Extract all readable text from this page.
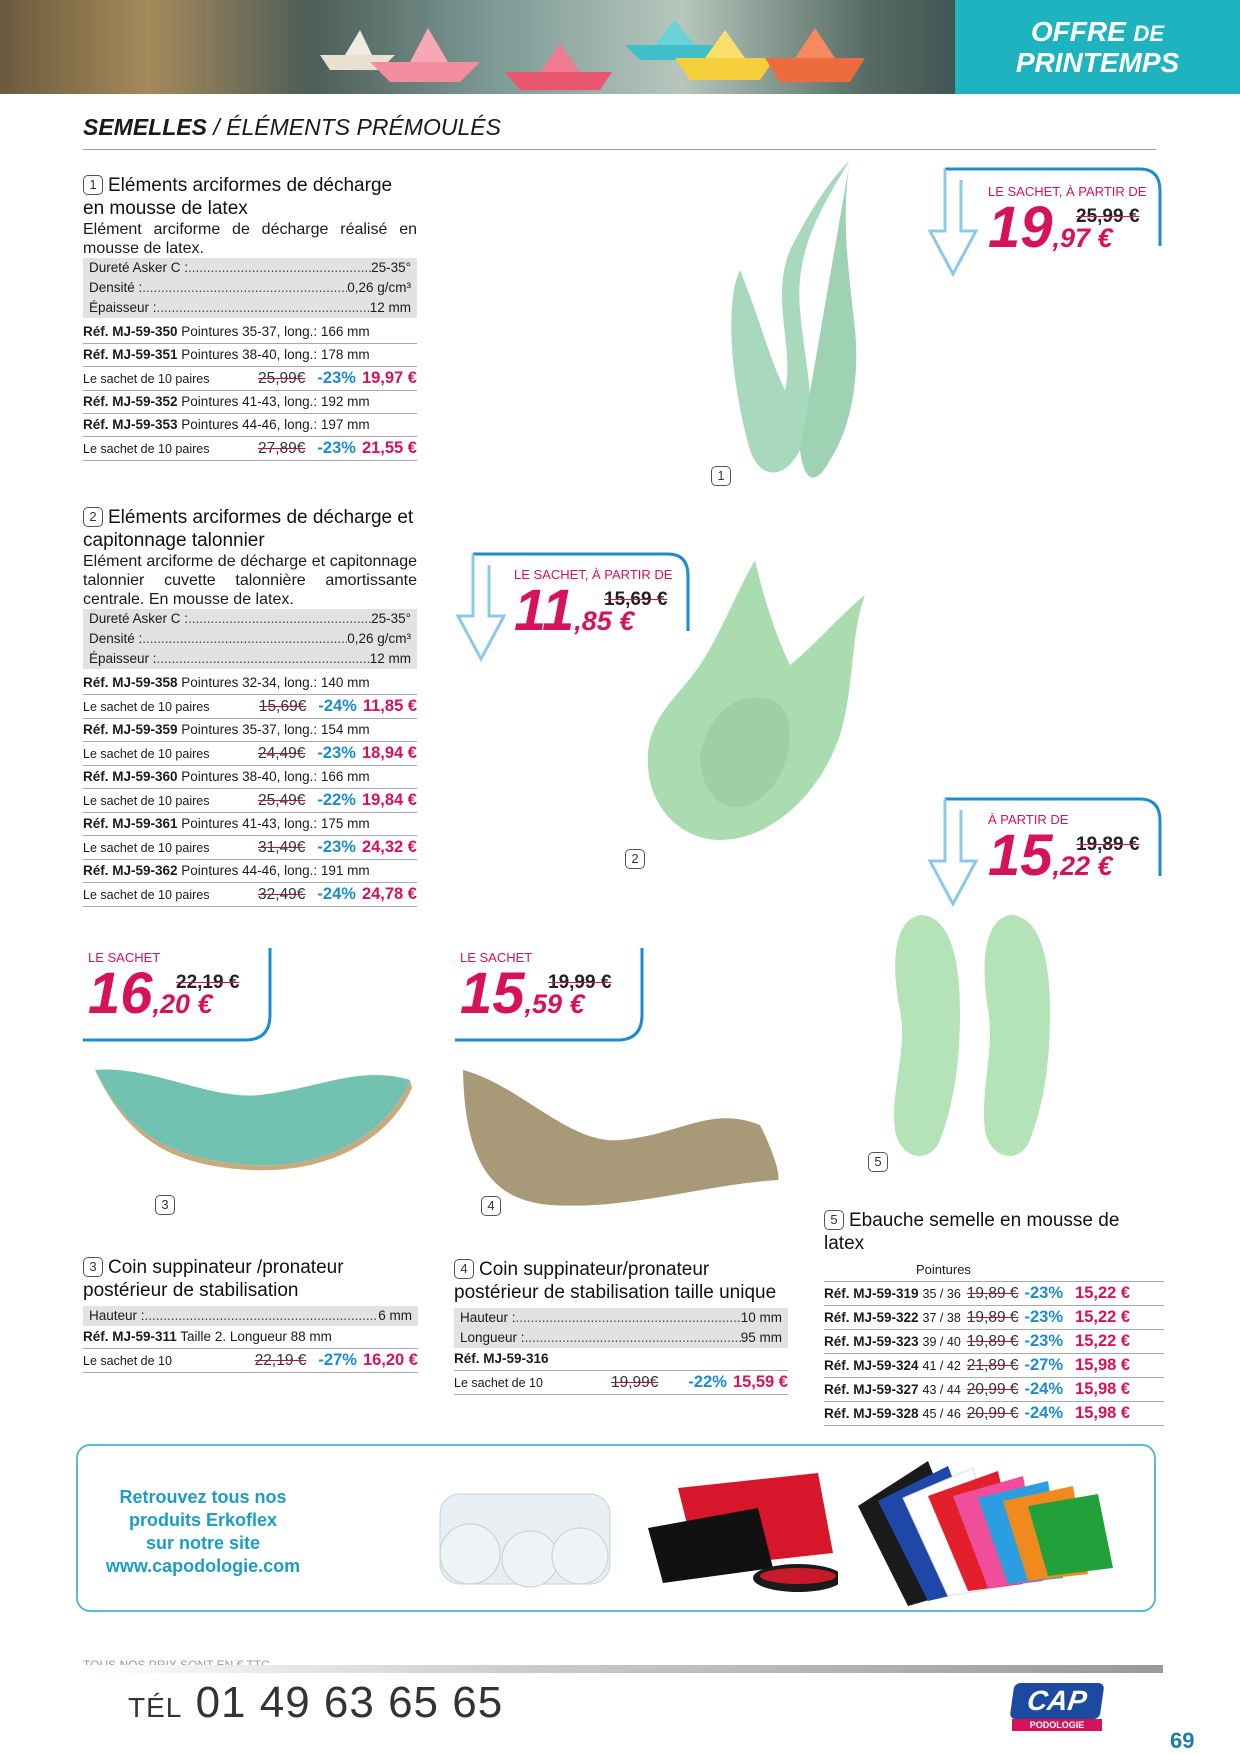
OFFRE DE
PRINTEMPS
SEMELLES / ÉLÉMENTS PRÉMOULÉS
1 Eléments arciformes de décharge en mousse de latex
Elément arciforme de décharge réalisé en mousse de latex.
Dureté Asker C : .....	25-35°
Densité : .....	0,26 g/cm³
Épaisseur : .....	12 mm
Réf. MJ-59-350 Pointures 35-37, long.: 166 mm
Réf. MJ-59-351 Pointures 38-40, long.: 178 mm
Le sachet de 10 paires	25,99€ -23% 19,97 €
Réf. MJ-59-352 Pointures 41-43, long.: 192 mm
Réf. MJ-59-353 Pointures 44-46, long.: 197 mm
Le sachet de 10 paires	27,89€ -23% 21,55 €
2 Eléments arciformes de décharge et capitonnage talonnier
Elément arciforme de décharge et capitonnage talonnier cuvette talonnière amortissante centrale. En mousse de latex.
Dureté Asker C : .....	25-35°
Densité : .....	0,26 g/cm³
Épaisseur : .....	12 mm
Réf. MJ-59-358 Pointures 32-34, long.: 140 mm
Le sachet de 10 paires	15,69€ -24% 11,85 €
Réf. MJ-59-359 Pointures 35-37, long.: 154 mm
Le sachet de 10 paires	24,49€ -23% 18,94 €
Réf. MJ-59-360 Pointures 38-40, long.: 166 mm
Le sachet de 10 paires	25,49€ -22% 19,84 €
Réf. MJ-59-361 Pointures 41-43, long.: 175 mm
Le sachet de 10 paires	31,49€ -23% 24,32 €
Réf. MJ-59-362 Pointures 44-46, long.: 191 mm
Le sachet de 10 paires	32,49€ -24% 24,78 €
1
2
5
3	4
LE SACHET, À PARTIR DE
19,97 €
25,99 €
LE SACHET, À PARTIR DE
11,85 €
15,69 €
À PARTIR DE
15,22 €
19,89 €
LE SACHET
16,20 €
22,19 €
LE SACHET
15,59 €
19,99 €
3 Coin suppinateur /pronateur postérieur de stabilisation
Hauteur : .....	6 mm
Réf. MJ-59-311 Taille 2. Longueur 88 mm
Le sachet de 10	22,19 € -27% 16,20 €
4 Coin suppinateur/pronateur postérieur de stabilisation taille unique
Hauteur : .....	10 mm
Longueur : .....	95 mm
Réf. MJ-59-316
Le sachet de 10	19,99€ -22% 15,59 €
5 Ebauche semelle en mousse de latex
Pointures
Réf. MJ-59-319 35 / 36 19,89 € -23% 15,22 €
Réf. MJ-59-322 37 / 38 19,89 € -23% 15,22 €
Réf. MJ-59-323 39 / 40 19,89 € -23% 15,22 €
Réf. MJ-59-324 41 / 42 21,89 € -27% 15,98 €
Réf. MJ-59-327 43 / 44 20,99 € -24% 15,98 €
Réf. MJ-59-328 45 / 46 20,99 € -24% 15,98 €
Retrouvez tous nos
produits Erkoflex
sur notre site
www.capodologie.com
TÉL 01 49 63 65 65	CAP
PODOLOGIE
69
